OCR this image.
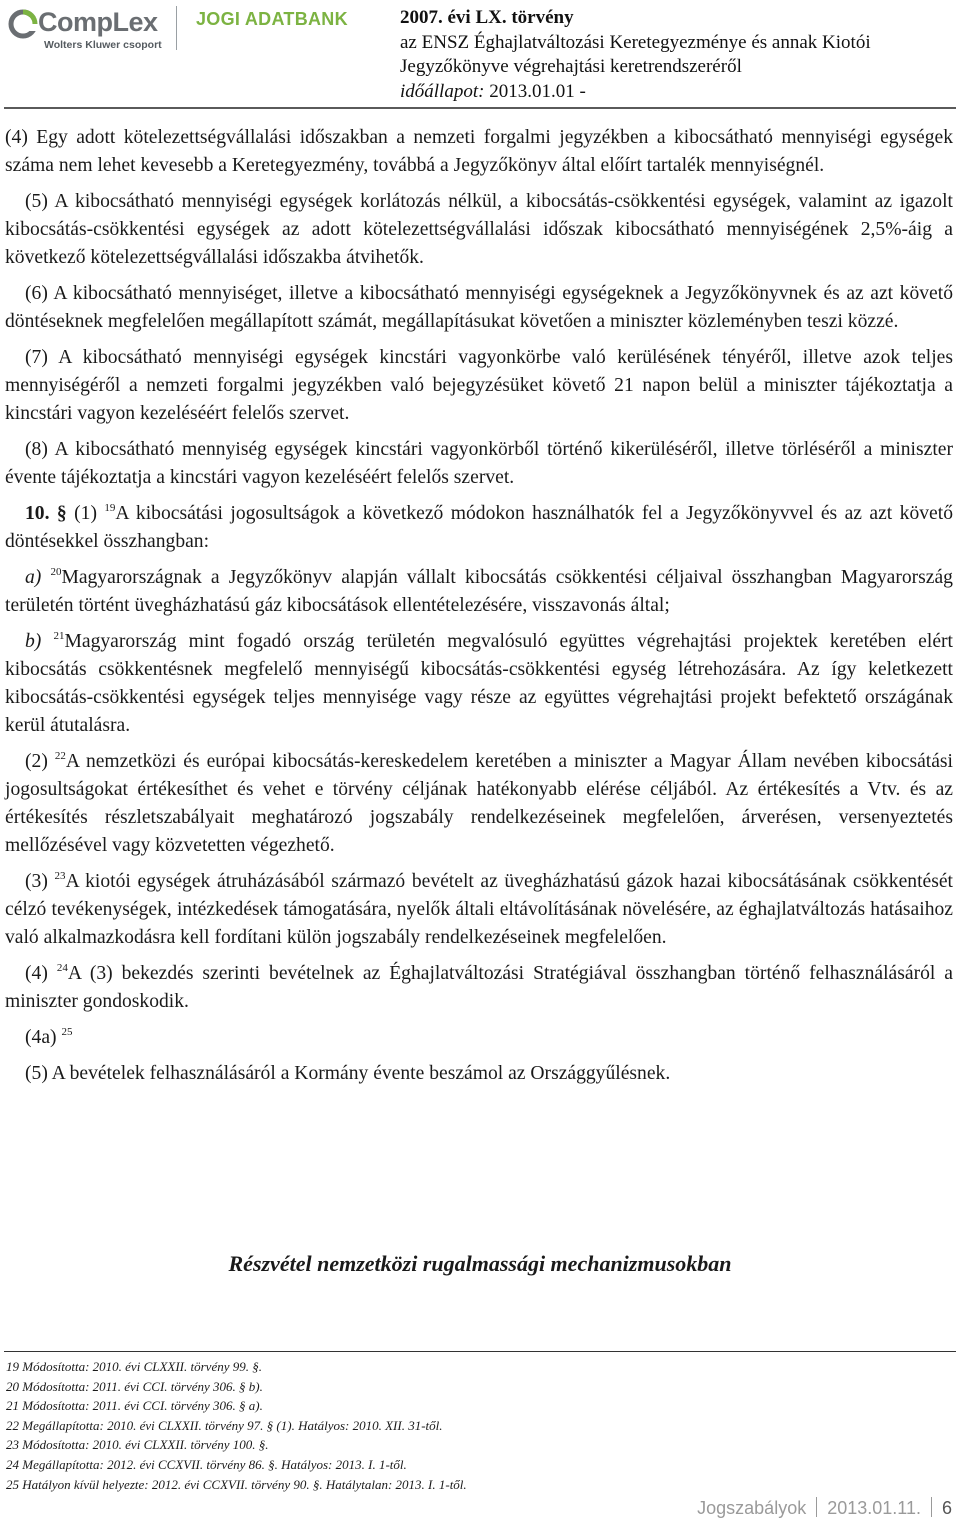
CompLex
Wolters Kluwer csoport
JOGI ADATBANK	2007. évi LX. törvény
az ENSZ Éghajlatváltozási Keretegyezménye és annak Kiotói
Jegyzőkönyve végrehajtási keretrendszeréről
időállapot: 2013.01.01 -

(4) Egy adott kötelezettségvállalási időszakban a nemzeti forgalmi jegyzékben a kibocsátható mennyiségi egységek száma nem lehet kevesebb a Keretegyezmény, továbbá a Jegyzőkönyv által előírt tartalék mennyiségnél.

(5) A kibocsátható mennyiségi egységek korlátozás nélkül, a kibocsátás-csökkentési egységek, valamint az igazolt kibocsátás-csökkentési egységek az adott kötelezettségvállalási időszak kibocsátható mennyiségének 2,5%-áig a következő kötelezettségvállalási időszakba átvihetők.

(6) A kibocsátható mennyiséget, illetve a kibocsátható mennyiségi egységeknek a Jegyzőkönyvnek és az azt követő döntéseknek megfelelően megállapított számát, megállapításukat követően a miniszter közleményben teszi közzé.

(7) A kibocsátható mennyiségi egységek kincstári vagyonkörbe való kerülésének tényéről, illetve azok teljes mennyiségéről a nemzeti forgalmi jegyzékben való bejegyzésüket követő 21 napon belül a miniszter tájékoztatja a kincstári vagyon kezeléséért felelős szervet.

(8) A kibocsátható mennyiség egységek kincstári vagyonkörből történő kikerüléséről, illetve törléséről a miniszter évente tájékoztatja a kincstári vagyon kezeléséért felelős szervet.

10. § (1) $^{19}$A kibocsátási jogosultságok a következő módokon használhatók fel a Jegyzőkönyvvel és az azt követő döntésekkel összhangban:

a) $^{20}$Magyarországnak a Jegyzőkönyv alapján vállalt kibocsátás csökkentési céljaival összhangban Magyarország területén történt üvegházhatású gáz kibocsátások ellentételezésére, visszavonás által;

b) $^{21}$Magyarország mint fogadó ország területén megvalósuló együttes végrehajtási projektek keretében elért kibocsátás csökkentésnek megfelelő mennyiségű kibocsátás-csökkentési egység létrehozására. Az így keletkezett kibocsátás-csökkentési egységek teljes mennyisége vagy része az együttes végrehajtási projekt befektető országának kerül átutalásra.

(2) $^{22}$A nemzetközi és európai kibocsátás-kereskedelem keretében a miniszter a Magyar Állam nevében kibocsátási jogosultságokat értékesíthet és vehet e törvény céljának hatékonyabb elérése céljából. Az értékesítés a Vtv. és az értékesítés részletszabályait meghatározó jogszabály rendelkezéseinek megfelelően, árverésen, versenyeztetés mellőzésével vagy közvetetten végezhető.

(3) $^{23}$A kiotói egységek átruházásából származó bevételt az üvegházhatású gázok hazai kibocsátásának csökkentését célzó tevékenységek, intézkedések támogatására, nyelők általi eltávolításának növelésére, az éghajlatváltozás hatásaihoz való alkalmazkodásra kell fordítani külön jogszabály rendelkezéseinek megfelelően.

(4) $^{24}$A (3) bekezdés szerinti bevételnek az Éghajlatváltozási Stratégiával összhangban történő felhasználásáról a miniszter gondoskodik.

(4a) $^{25}$

(5) A bevételek felhasználásáról a Kormány évente beszámol az Országgyűlésnek.

Részvétel nemzetközi rugalmassági mechanizmusokban
19 Módosította: 2010. évi CLXXII. törvény 99. §.
20 Módosította: 2011. évi CCI. törvény 306. § b).
21 Módosította: 2011. évi CCI. törvény 306. § a).
22 Megállapította: 2010. évi CLXXII. törvény 97. § (1). Hatályos: 2010. XII. 31-től.
23 Módosította: 2010. évi CLXXII. törvény 100. §.
24 Megállapította: 2012. évi CCXVII. törvény 86. §. Hatályos: 2013. I. 1-től.
25 Hatályon kívül helyezte: 2012. évi CCXVII. törvény 90. §. Hatálytalan: 2013. I. 1-től.
Jogszabályok 2013.01.11. 6
